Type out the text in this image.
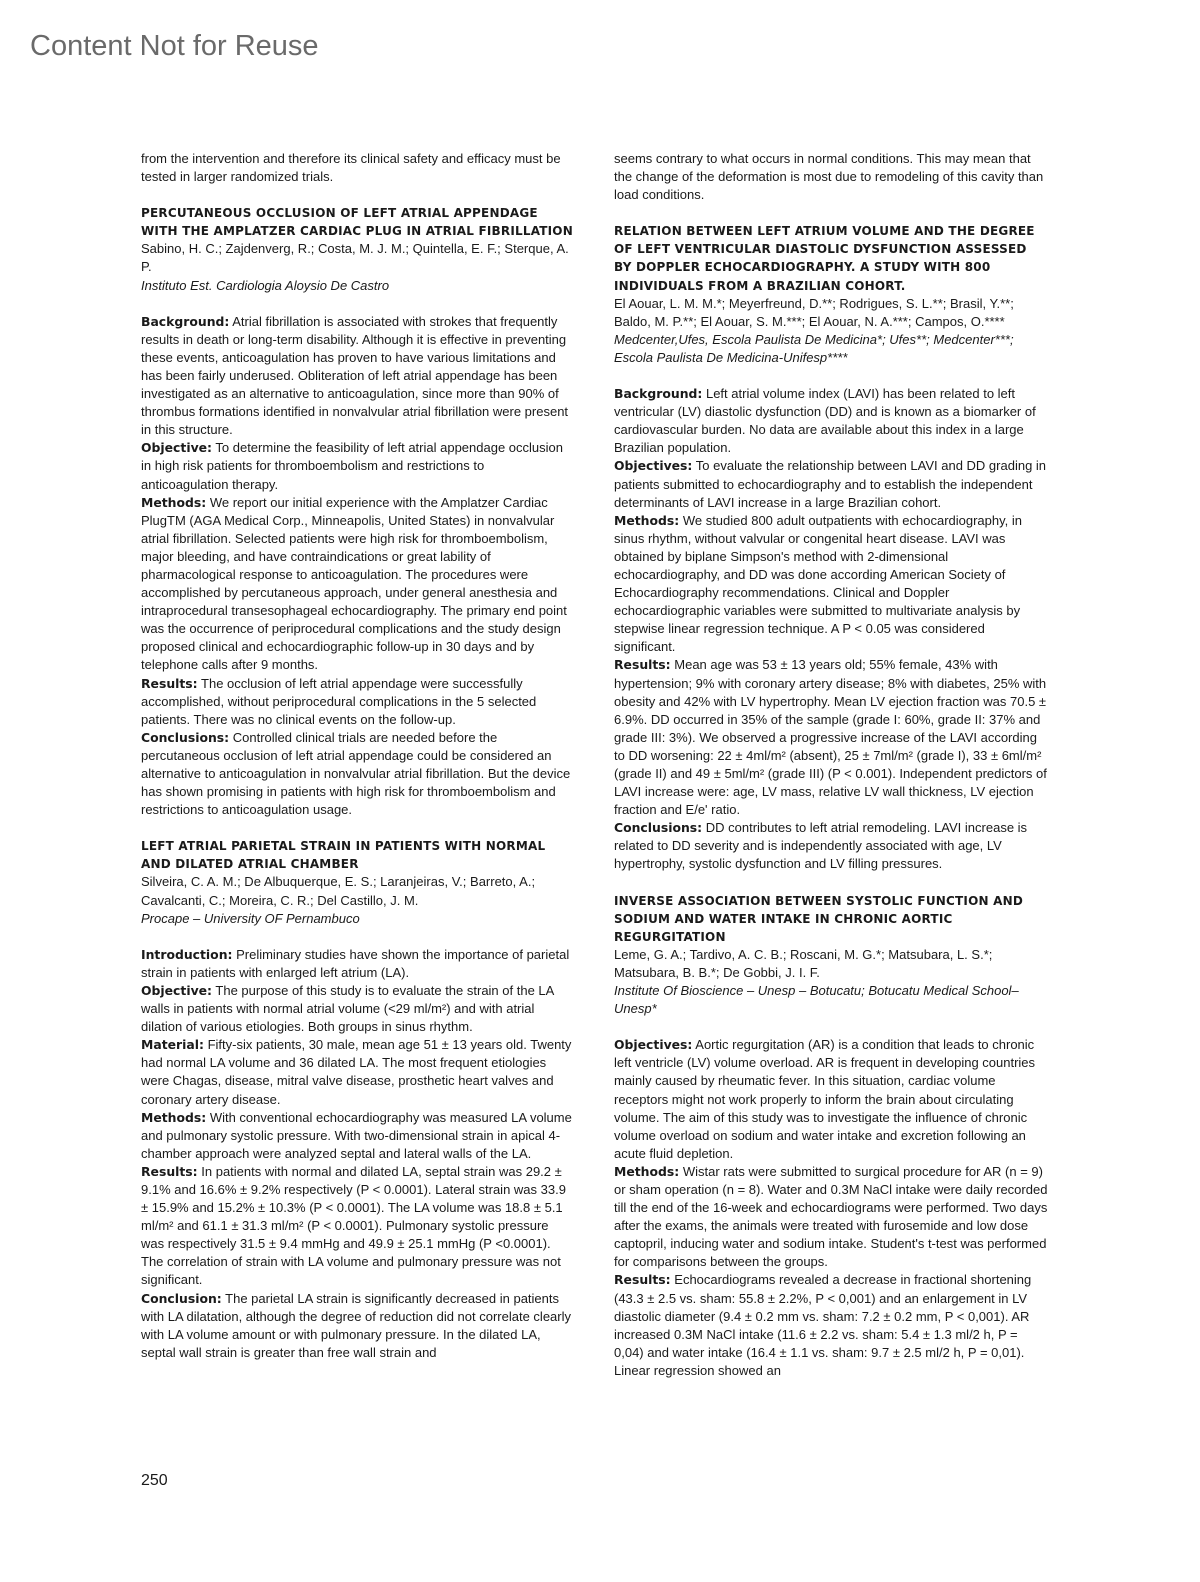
Content Not for Reuse

from the intervention and therefore its clinical safety and efficacy must be tested in larger randomized trials.

PERCUTANEOUS OCCLUSION OF LEFT ATRIAL APPENDAGE WITH THE AMPLATZER CARDIAC PLUG IN ATRIAL FIBRILLATION

Sabino, H. C.; Zajdenverg, R.; Costa, M. J. M.; Quintella, E. F.; Sterque, A. P.

Instituto Est. Cardiologia Aloysio De Castro

Background: Atrial fibrillation is associated with strokes that frequently results in death or long-term disability. Although it is effective in preventing these events, anticoagulation has proven to have various limitations and has been fairly underused. Obliteration of left atrial appendage has been investigated as an alternative to anticoagulation, since more than 90% of thrombus formations identified in nonvalvular atrial fibrillation were present in this structure.

Objective: To determine the feasibility of left atrial appendage occlusion in high risk patients for thromboembolism and restrictions to anticoagulation therapy.

Methods: We report our initial experience with the Amplatzer Cardiac PlugTM (AGA Medical Corp., Minneapolis, United States) in nonvalvular atrial fibrillation. Selected patients were high risk for thromboembolism, major bleeding, and have contraindications or great lability of pharmacological response to anticoagulation. The procedures were accomplished by percutaneous approach, under general anesthesia and intraprocedural transesophageal echocardiography. The primary end point was the occurrence of periprocedural complications and the study design proposed clinical and echocardiographic follow-up in 30 days and by telephone calls after 9 months.

Results: The occlusion of left atrial appendage were successfully accomplished, without periprocedural complications in the 5 selected patients. There was no clinical events on the follow-up.

Conclusions: Controlled clinical trials are needed before the percutaneous occlusion of left atrial appendage could be considered an alternative to anticoagulation in nonvalvular atrial fibrillation. But the device has shown promising in patients with high risk for thromboembolism and restrictions to anticoagulation usage.

LEFT ATRIAL PARIETAL STRAIN IN PATIENTS WITH NORMAL AND DILATED ATRIAL CHAMBER

Silveira, C. A. M.; De Albuquerque, E. S.; Laranjeiras, V.; Barreto, A.; Cavalcanti, C.; Moreira, C. R.; Del Castillo, J. M.

Procape – University OF Pernambuco

Introduction: Preliminary studies have shown the importance of parietal strain in patients with enlarged left atrium (LA).

Objective: The purpose of this study is to evaluate the strain of the LA walls in patients with normal atrial volume (<29 ml/m²) and with atrial dilation of various etiologies. Both groups in sinus rhythm.

Material: Fifty-six patients, 30 male, mean age 51 ± 13 years old. Twenty had normal LA volume and 36 dilated LA. The most frequent etiologies were Chagas, disease, mitral valve disease, prosthetic heart valves and coronary artery disease.

Methods: With conventional echocardiography was measured LA volume and pulmonary systolic pressure. With two-dimensional strain in apical 4-chamber approach were analyzed septal and lateral walls of the LA.

Results: In patients with normal and dilated LA, septal strain was 29.2 ± 9.1% and 16.6% ± 9.2% respectively (P < 0.0001). Lateral strain was 33.9 ± 15.9% and 15.2% ± 10.3% (P < 0.0001). The LA volume was 18.8 ± 5.1 ml/m² and 61.1 ± 31.3 ml/m² (P < 0.0001). Pulmonary systolic pressure was respectively 31.5 ± 9.4 mmHg and 49.9 ± 25.1 mmHg (P <0.0001). The correlation of strain with LA volume and pulmonary pressure was not significant.

Conclusion: The parietal LA strain is significantly decreased in patients with LA dilatation, although the degree of reduction did not correlate clearly with LA volume amount or with pulmonary pressure. In the dilated LA, septal wall strain is greater than free wall strain and

seems contrary to what occurs in normal conditions. This may mean that the change of the deformation is most due to remodeling of this cavity than load conditions.

RELATION BETWEEN LEFT ATRIUM VOLUME AND THE DEGREE OF LEFT VENTRICULAR DIASTOLIC DYSFUNCTION ASSESSED BY DOPPLER ECHOCARDIOGRAPHY. A STUDY WITH 800 INDIVIDUALS FROM A BRAZILIAN COHORT.

El Aouar, L. M. M.*; Meyerfreund, D.**; Rodrigues, S. L.**; Brasil, Y.**; Baldo, M. P.**; El Aouar, S. M.***; El Aouar, N. A.***; Campos, O.****

Medcenter,Ufes, Escola Paulista De Medicina*; Ufes**; Medcenter***; Escola Paulista De Medicina-Unifesp****

Background: Left atrial volume index (LAVI) has been related to left ventricular (LV) diastolic dysfunction (DD) and is known as a biomarker of cardiovascular burden. No data are available about this index in a large Brazilian population.

Objectives: To evaluate the relationship between LAVI and DD grading in patients submitted to echocardiography and to establish the independent determinants of LAVI increase in a large Brazilian cohort.

Methods: We studied 800 adult outpatients with echocardiography, in sinus rhythm, without valvular or congenital heart disease. LAVI was obtained by biplane Simpson's method with 2-dimensional echocardiography, and DD was done according American Society of Echocardiography recommendations. Clinical and Doppler echocardiographic variables were submitted to multivariate analysis by stepwise linear regression technique. A P < 0.05 was considered significant.

Results: Mean age was 53 ± 13 years old; 55% female, 43% with hypertension; 9% with coronary artery disease; 8% with diabetes, 25% with obesity and 42% with LV hypertrophy. Mean LV ejection fraction was 70.5 ± 6.9%. DD occurred in 35% of the sample (grade I: 60%, grade II: 37% and grade III: 3%). We observed a progressive increase of the LAVI according to DD worsening: 22 ± 4ml/m² (absent), 25 ± 7ml/m² (grade I), 33 ± 6ml/m² (grade II) and 49 ± 5ml/m² (grade III) (P < 0.001). Independent predictors of LAVI increase were: age, LV mass, relative LV wall thickness, LV ejection fraction and E/e' ratio.

Conclusions: DD contributes to left atrial remodeling. LAVI increase is related to DD severity and is independently associated with age, LV hypertrophy, systolic dysfunction and LV filling pressures.

INVERSE ASSOCIATION BETWEEN SYSTOLIC FUNCTION AND SODIUM AND WATER INTAKE IN CHRONIC AORTIC REGURGITATION

Leme, G. A.; Tardivo, A. C. B.; Roscani, M. G.*; Matsubara, L. S.*; Matsubara, B. B.*; De Gobbi, J. I. F.

Institute Of Bioscience – Unesp – Botucatu; Botucatu Medical School–Unesp*

Objectives: Aortic regurgitation (AR) is a condition that leads to chronic left ventricle (LV) volume overload. AR is frequent in developing countries mainly caused by rheumatic fever. In this situation, cardiac volume receptors might not work properly to inform the brain about circulating volume. The aim of this study was to investigate the influence of chronic volume overload on sodium and water intake and excretion following an acute fluid depletion.

Methods: Wistar rats were submitted to surgical procedure for AR (n = 9) or sham operation (n = 8). Water and 0.3M NaCl intake were daily recorded till the end of the 16-week and echocardiograms were performed. Two days after the exams, the animals were treated with furosemide and low dose captopril, inducing water and sodium intake. Student's t-test was performed for comparisons between the groups.

Results: Echocardiograms revealed a decrease in fractional shortening (43.3 ± 2.5 vs. sham: 55.8 ± 2.2%, P < 0,001) and an enlargement in LV diastolic diameter (9.4 ± 0.2 mm vs. sham: 7.2 ± 0.2 mm, P < 0,001). AR increased 0.3M NaCl intake (11.6 ± 2.2 vs. sham: 5.4 ± 1.3 ml/2 h, P = 0,04) and water intake (16.4 ± 1.1 vs. sham: 9.7 ± 2.5 ml/2 h, P = 0,01). Linear regression showed an

250
